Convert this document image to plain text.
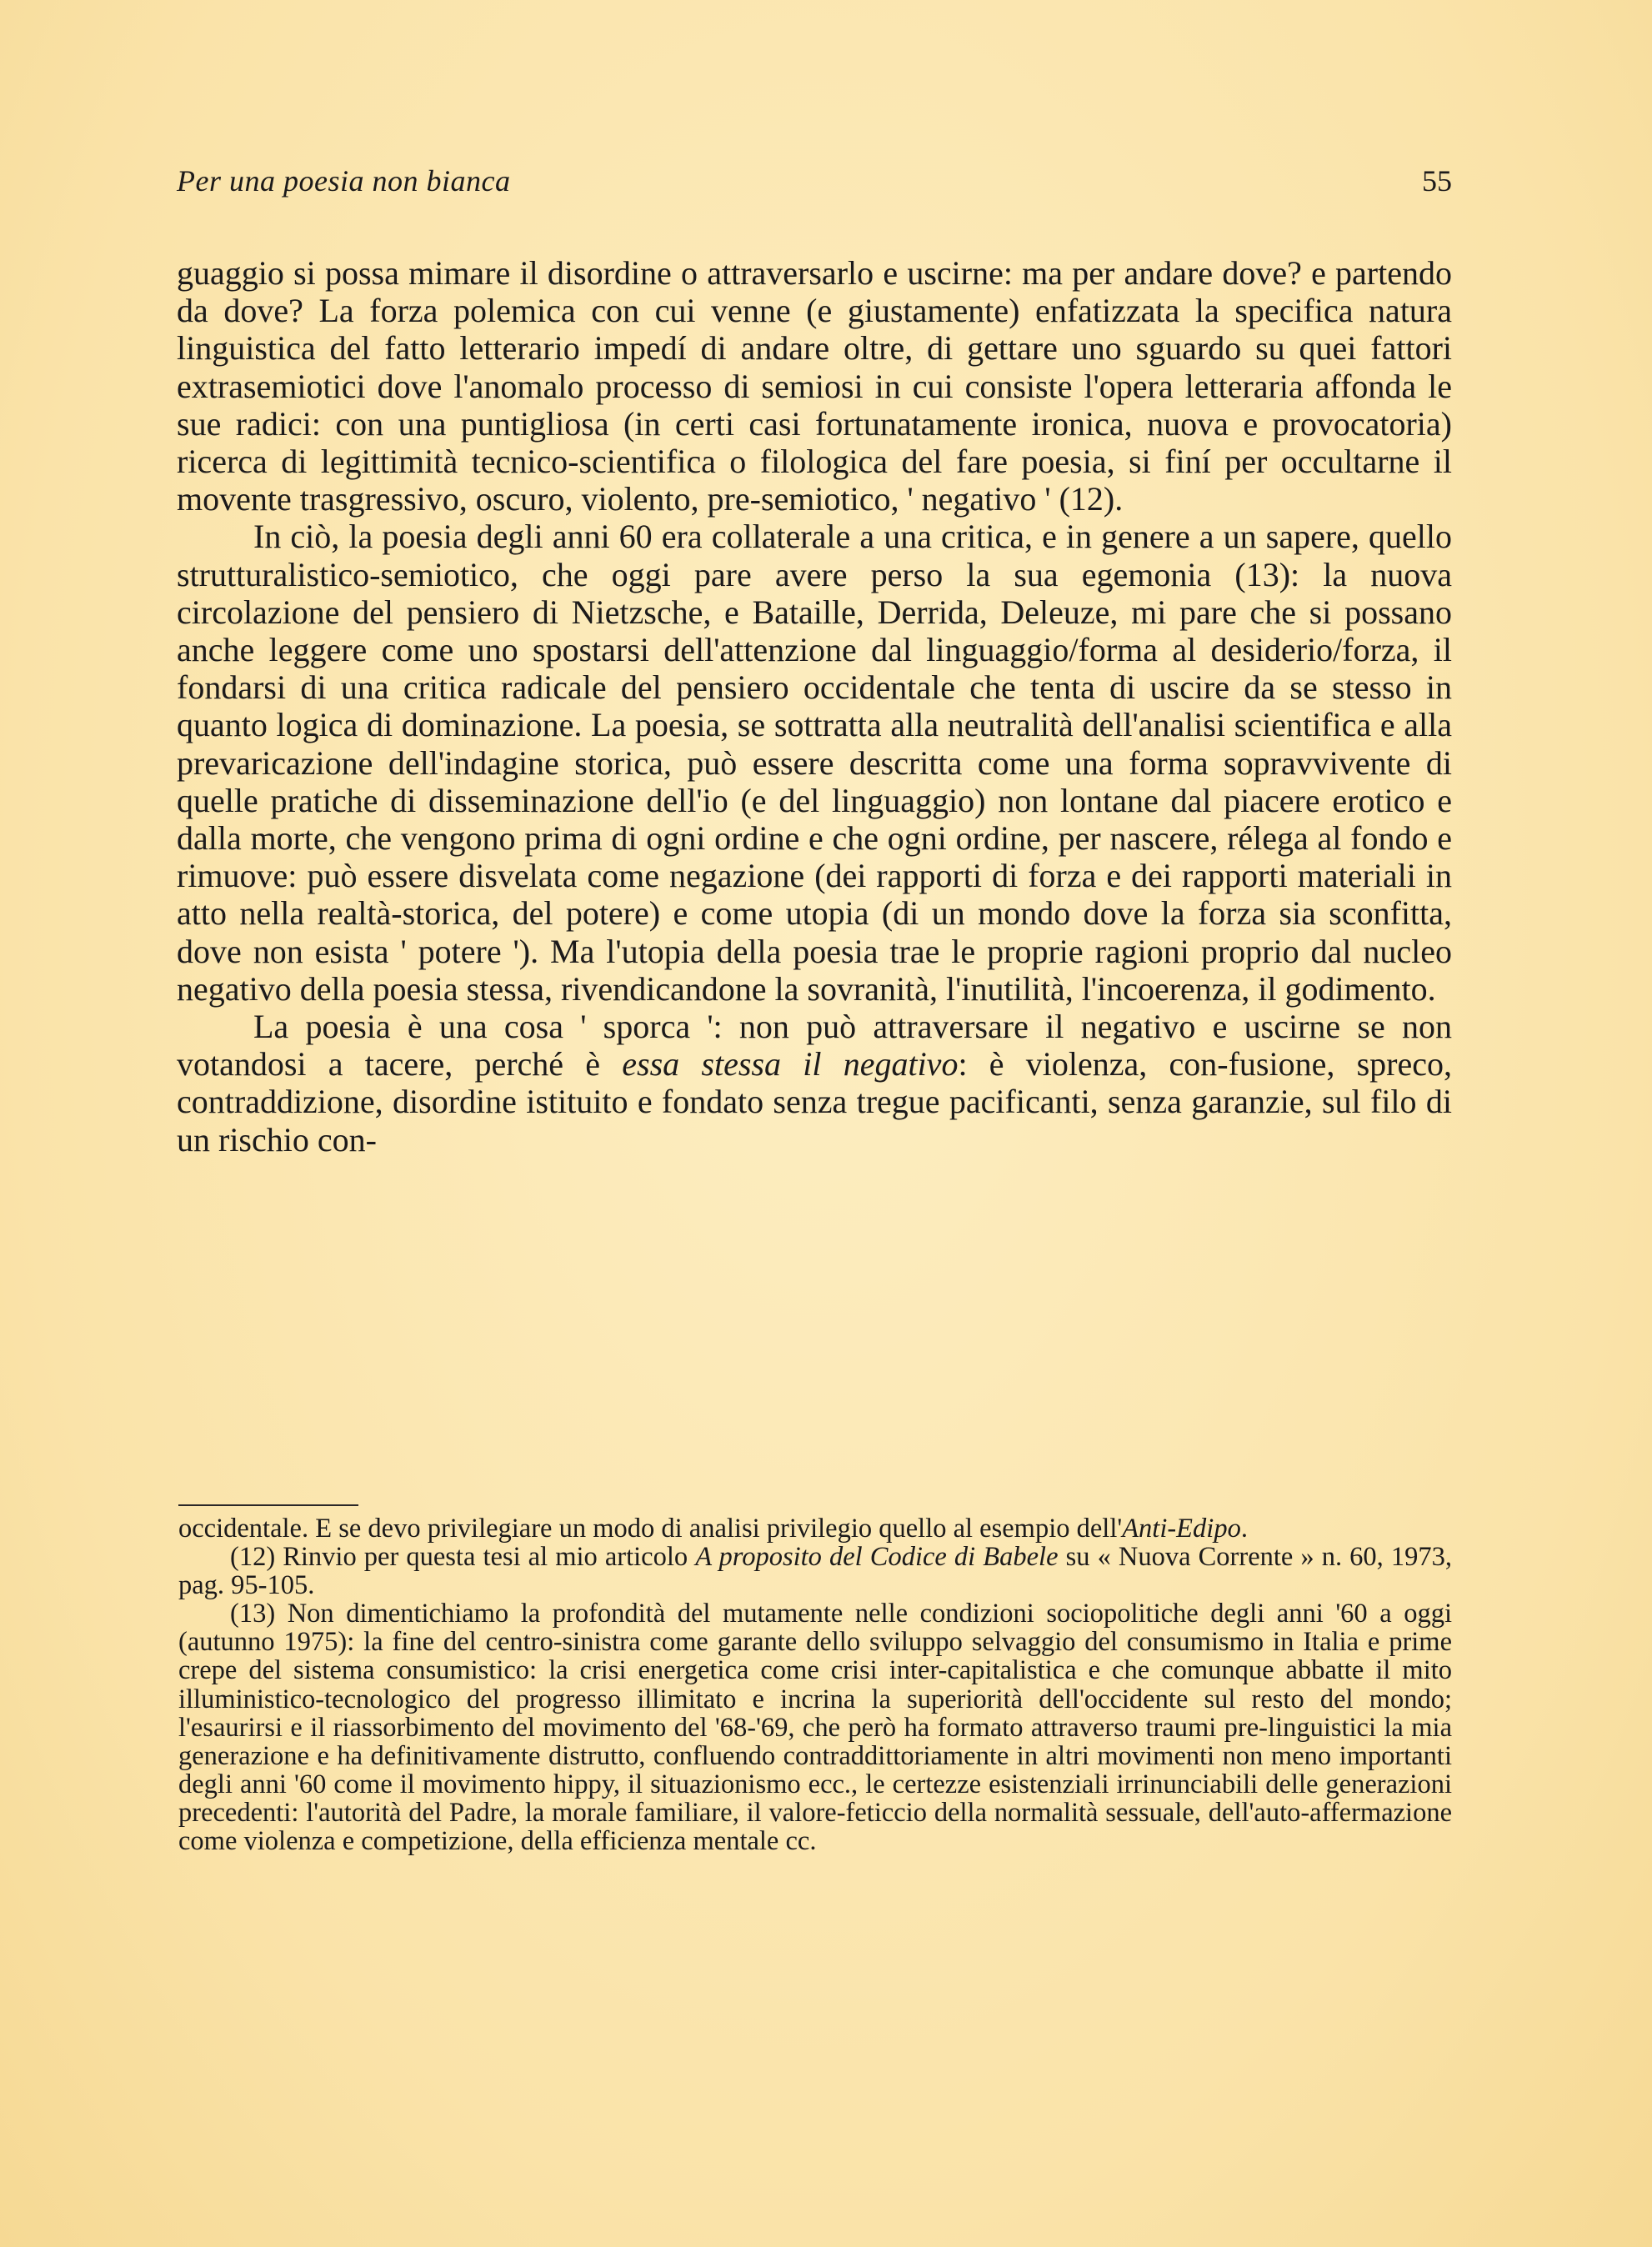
Per una poesia non bianca	55

guaggio si possa mimare il disordine o attraversarlo e uscirne: ma per andare dove? e partendo da dove? La forza polemica con cui venne (e giustamente) enfatizzata la specifica natura linguistica del fatto letterario impedí di andare oltre, di gettare uno sguardo su quei fattori extrasemiotici dove l'anomalo processo di semiosi in cui consiste l'opera letteraria affonda le sue radici: con una puntigliosa (in certi casi fortunatamente ironica, nuova e provocatoria) ricerca di legittimità tecnico-scientifica o filologica del fare poesia, si finí per occultarne il movente trasgressivo, oscuro, violento, pre-semiotico, ' negativo ' (12).

In ciò, la poesia degli anni 60 era collaterale a una critica, e in genere a un sapere, quello strutturalistico-semiotico, che oggi pare avere perso la sua egemonia (13): la nuova circolazione del pensiero di Nietzsche, e Bataille, Derrida, Deleuze, mi pare che si possano anche leggere come uno spostarsi dell'attenzione dal linguaggio/forma al desiderio/forza, il fondarsi di una critica radicale del pensiero occidentale che tenta di uscire da se stesso in quanto logica di dominazione. La poesia, se sottratta alla neutralità dell'analisi scientifica e alla prevaricazione dell'indagine storica, può essere descritta come una forma sopravvivente di quelle pratiche di disseminazione dell'io (e del linguaggio) non lontane dal piacere erotico e dalla morte, che vengono prima di ogni ordine e che ogni ordine, per nascere, rélega al fondo e rimuove: può essere disvelata come negazione (dei rapporti di forza e dei rapporti materiali in atto nella realtà-storica, del potere) e come utopia (di un mondo dove la forza sia sconfitta, dove non esista ' potere '). Ma l'utopia della poesia trae le proprie ragioni proprio dal nucleo negativo della poesia stessa, rivendicandone la sovranità, l'inutilità, l'incoerenza, il godimento.

La poesia è una cosa ' sporca ': non può attraversare il negativo e uscirne se non votandosi a tacere, perché è essa stessa il negativo: è violenza, con-fusione, spreco, contraddizione, disordine istituito e fondato senza tregue pacificanti, senza garanzie, sul filo di un rischio con-

occidentale. E se devo privilegiare un modo di analisi privilegio quello al esempio dell'Anti-Edipo.

(12) Rinvio per questa tesi al mio articolo A proposito del Codice di Babele su « Nuova Corrente » n. 60, 1973, pag. 95-105.

(13) Non dimentichiamo la profondità del mutamente nelle condizioni sociopolitiche degli anni '60 a oggi (autunno 1975): la fine del centro-sinistra come garante dello sviluppo selvaggio del consumismo in Italia e prime crepe del sistema consumistico: la crisi energetica come crisi inter-capitalistica e che comunque abbatte il mito illuministico-tecnologico del progresso illimitato e incrina la superiorità dell'occidente sul resto del mondo; l'esaurirsi e il riassorbimento del movimento del '68-'69, che però ha formato attraverso traumi pre-linguistici la mia generazione e ha definitivamente distrutto, confluendo contraddittoriamente in altri movimenti non meno importanti degli anni '60 come il movimento hippy, il situazionismo ecc., le certezze esistenziali irrinunciabili delle generazioni precedenti: l'autorità del Padre, la morale familiare, il valore-feticcio della normalità sessuale, dell'auto-affermazione come violenza e competizione, della efficienza mentale cc.
